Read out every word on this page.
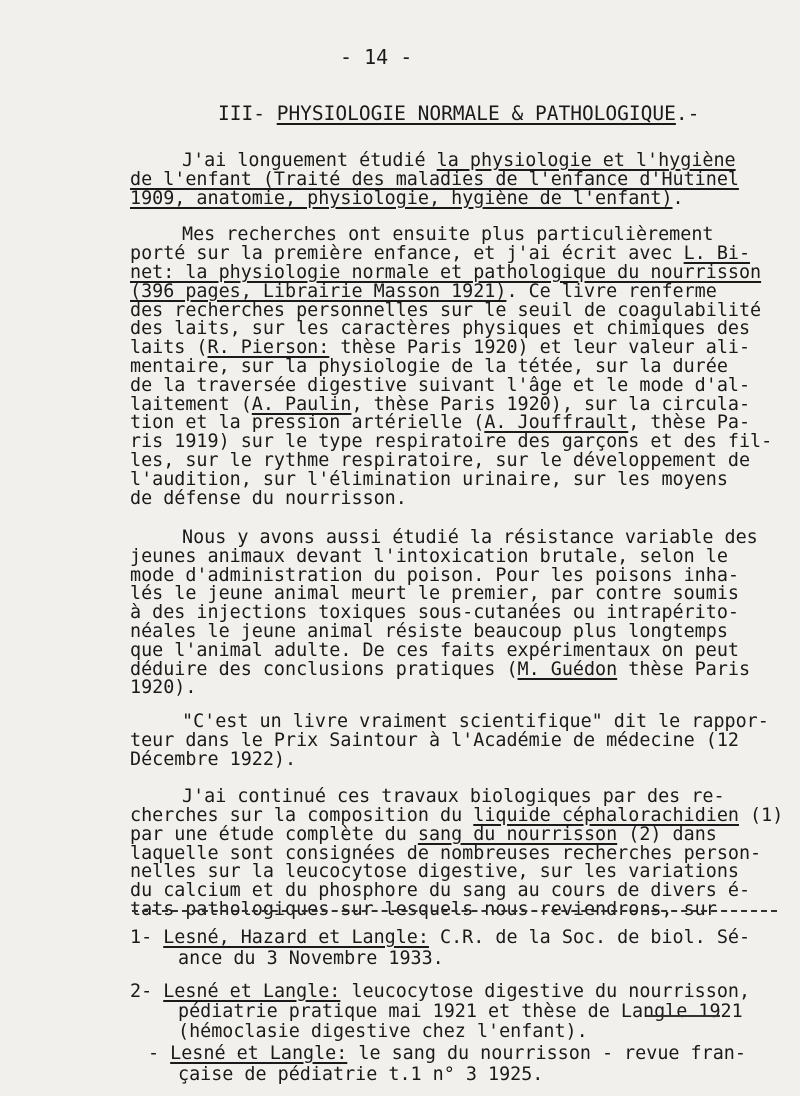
- 14 -
III- PHYSIOLOGIE NORMALE & PATHOLOGIQUE.-
J'ai longuement étudié la physiologie et l'hygiène
de l'enfant (Traité des maladies de l'enfance d'Hutinel
1909, anatomie, physiologie, hygiène de l'enfant).
Mes recherches ont ensuite plus particulièrement
porté sur la première enfance, et j'ai écrit avec L. Bi-
net: la physiologie normale et pathologique du nourrisson
(396 pages, Librairie Masson 1921). Ce livre renferme
des recherches personnelles sur le seuil de coagulabilité
des laits, sur les caractères physiques et chimiques des
laits (R. Pierson: thèse Paris 1920) et leur valeur ali-
mentaire, sur la physiologie de la tétée, sur la durée
de la traversée digestive suivant l'âge et le mode d'al-
laitement (A. Paulin, thèse Paris 1920), sur la circula-
tion et la pression artérielle (A. Jouffrault, thèse Pa-
ris 1919) sur le type respiratoire des garçons et des fil-
les, sur le rythme respiratoire, sur le développement de
l'audition, sur l'élimination urinaire, sur les moyens
de défense du nourrisson.
Nous y avons aussi étudié la résistance variable des
jeunes animaux devant l'intoxication brutale, selon le
mode d'administration du poison. Pour les poisons inha-
lés le jeune animal meurt le premier, par contre soumis
à des injections toxiques sous-cutanées ou intrapérito-
néales le jeune animal résiste beaucoup plus longtemps
que l'animal adulte. De ces faits expérimentaux on peut
déduire des conclusions pratiques (M. Guédon thèse Paris
1920).
"C'est un livre vraiment scientifique" dit le rappor-
teur dans le Prix Saintour à l'Académie de médecine (12
Décembre 1922).
J'ai continué ces travaux biologiques par des re-
cherches sur la composition du liquide céphalorachidien (1)
par une étude complète du sang du nourrisson (2) dans
laquelle sont consignées de nombreuses recherches person-
nelles sur la leucocytose digestive, sur les variations
du calcium et du phosphore du sang au cours de divers é-
tats pathologiques sur lesquels nous reviendrons, sur
1- Lesné, Hazard et Langle: C.R. de la Soc. de biol. Sé-
ance du 3 Novembre 1933.
2- Lesné et Langle: leucocytose digestive du nourrisson,
pédiatrie pratique mai 1921 et thèse de Langle 1921
(hémoclasie digestive chez l'enfant).
- Lesné et Langle: le sang du nourrisson - revue fran-
çaise de pédiatrie t.1 n° 3 1925.
